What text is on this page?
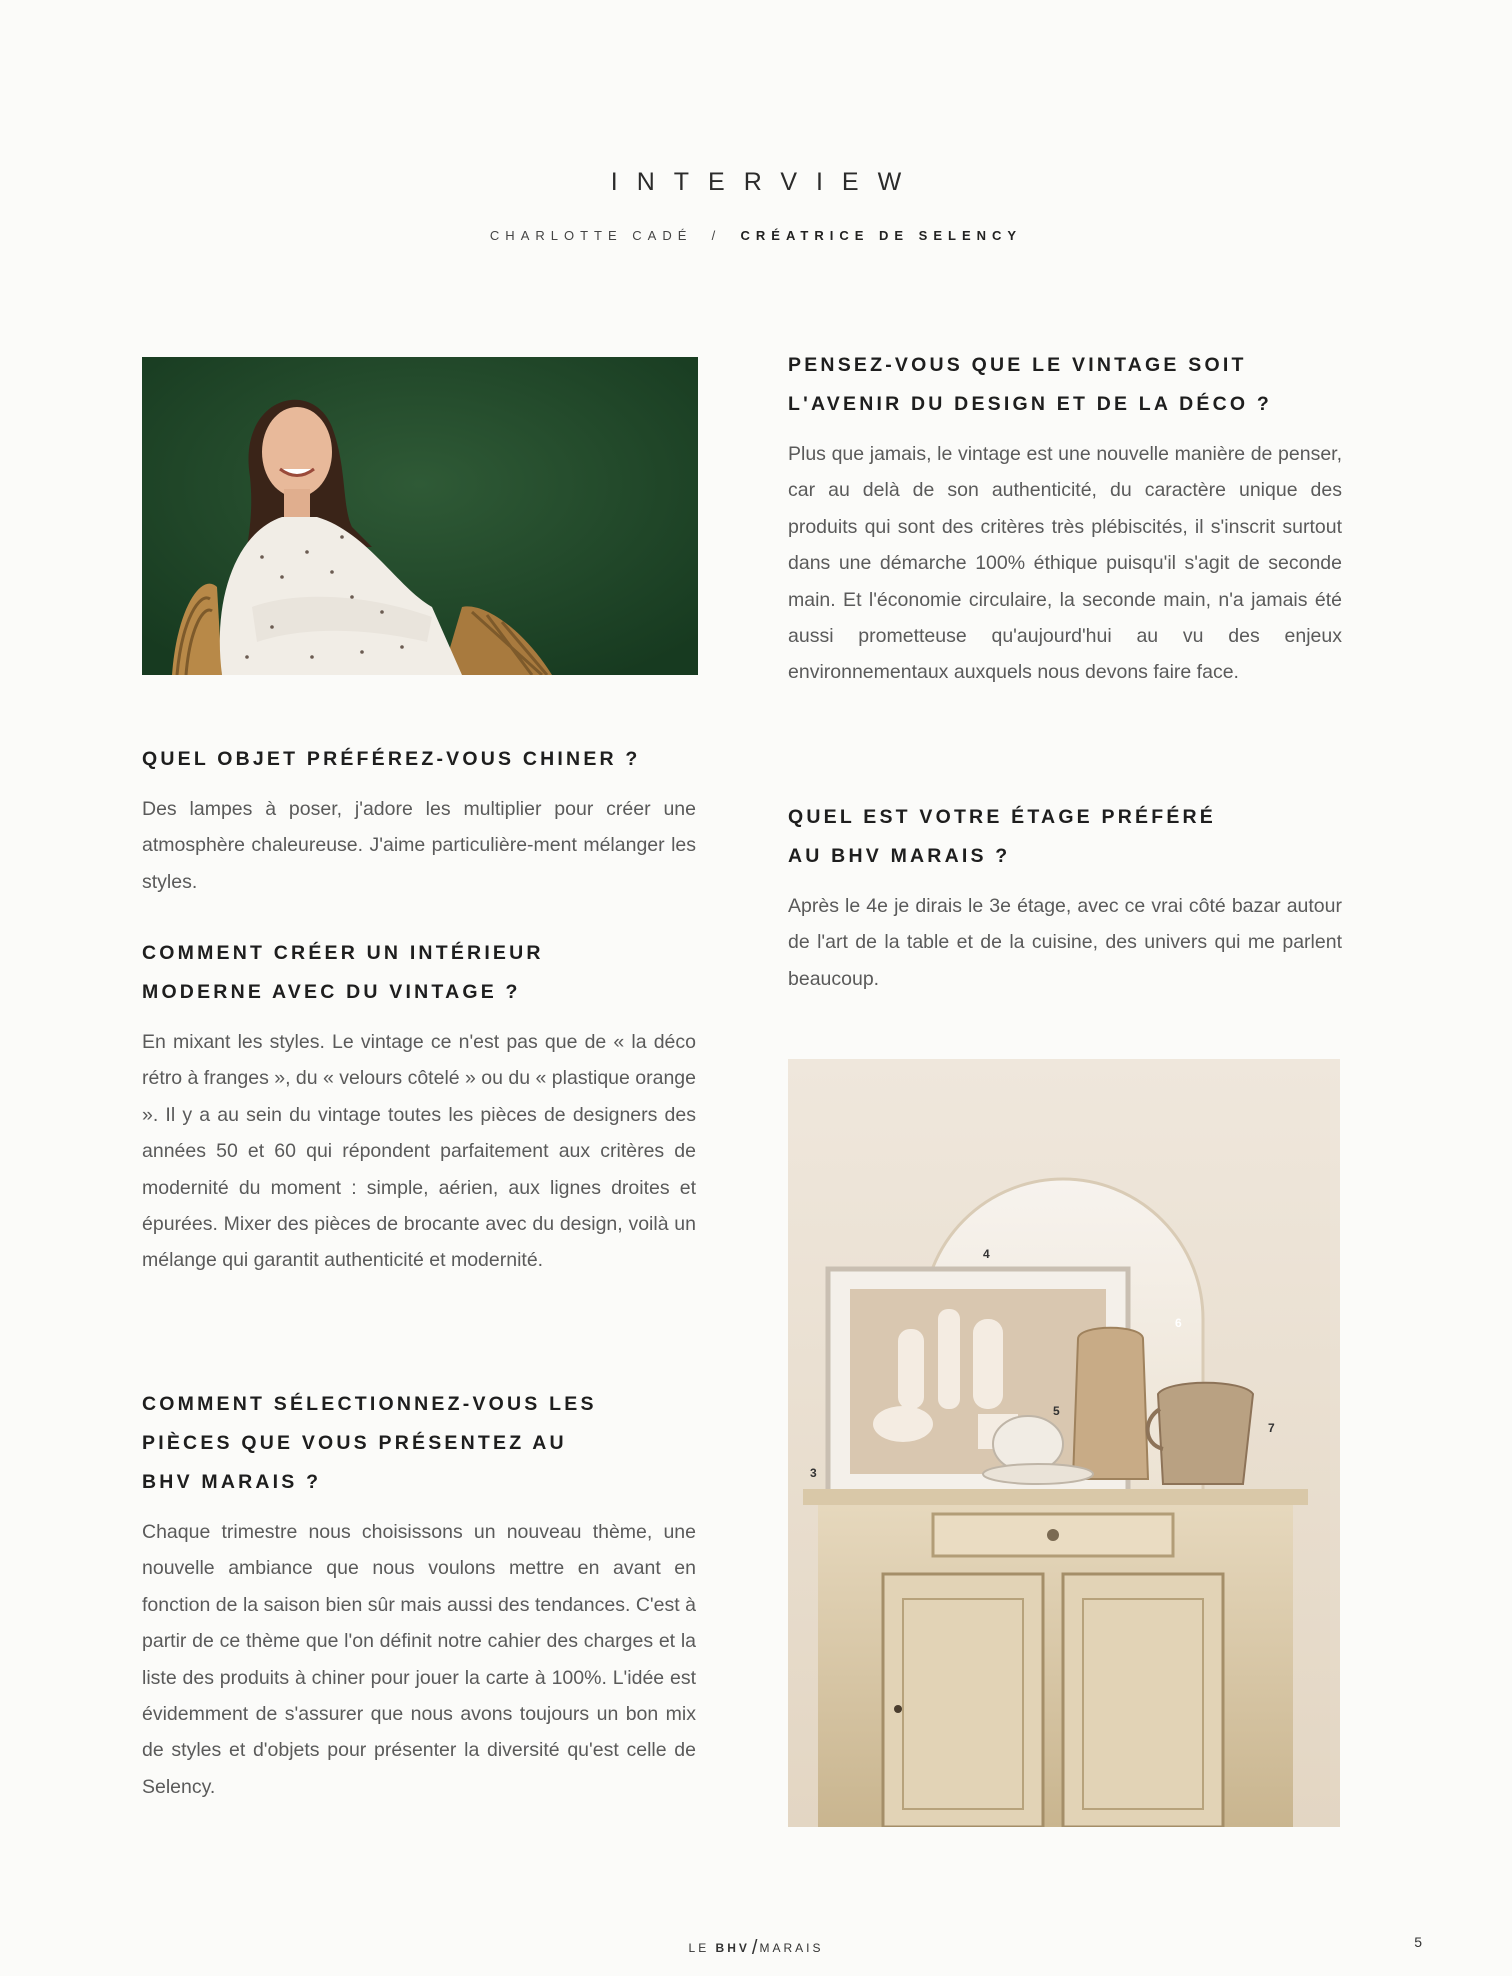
INTERVIEW
CHARLOTTE CADÉ / CRÉATRICE DE SELENCY
QUEL OBJET PRÉFÉREZ-VOUS CHINER ?

Des lampes à poser, j'adore les multiplier pour créer une atmosphère chaleureuse. J'aime particulière-ment mélanger les styles.

COMMENT CRÉER UN INTÉRIEUR MODERNE AVEC DU VINTAGE ?

En mixant les styles. Le vintage ce n'est pas que de « la déco rétro à franges », du « velours côtelé » ou du « plastique orange ». Il y a au sein du vintage toutes les pièces de designers des années 50 et 60 qui répondent parfaitement aux critères de modernité du moment : simple, aérien, aux lignes droites et épurées. Mixer des pièces de brocante avec du design, voilà un mélange qui garantit authenticité et modernité.

COMMENT SÉLECTIONNEZ-VOUS LES PIÈCES QUE VOUS PRÉSENTEZ AU BHV MARAIS ?

Chaque trimestre nous choisissons un nouveau thème, une nouvelle ambiance que nous voulons mettre en avant en fonction de la saison bien sûr mais aussi des tendances. C'est à partir de ce thème que l'on définit notre cahier des charges et la liste des produits à chiner pour jouer la carte à 100%. L'idée est évidemment de s'assurer que nous avons toujours un bon mix de styles et d'objets pour présenter la diversité qu'est celle de Selency.

PENSEZ-VOUS QUE LE VINTAGE SOIT L'AVENIR DU DESIGN ET DE LA DÉCO ?

Plus que jamais, le vintage est une nouvelle manière de penser, car au delà de son authenticité, du caractère unique des produits qui sont des critères très plébiscités, il s'inscrit surtout dans une démarche 100% éthique puisqu'il s'agit de seconde main. Et l'économie circulaire, la seconde main, n'a jamais été aussi prometteuse qu'aujourd'hui au vu des enjeux environnementaux auxquels nous devons faire face.

QUEL EST VOTRE ÉTAGE PRÉFÉRÉ AU BHV MARAIS ?

Après le 4e je dirais le 3e étage, avec ce vrai côté bazar autour de l'art de la table et de la cuisine, des univers qui me parlent beaucoup.

3
4
5
6
7
LE BHV / MARAIS	5
